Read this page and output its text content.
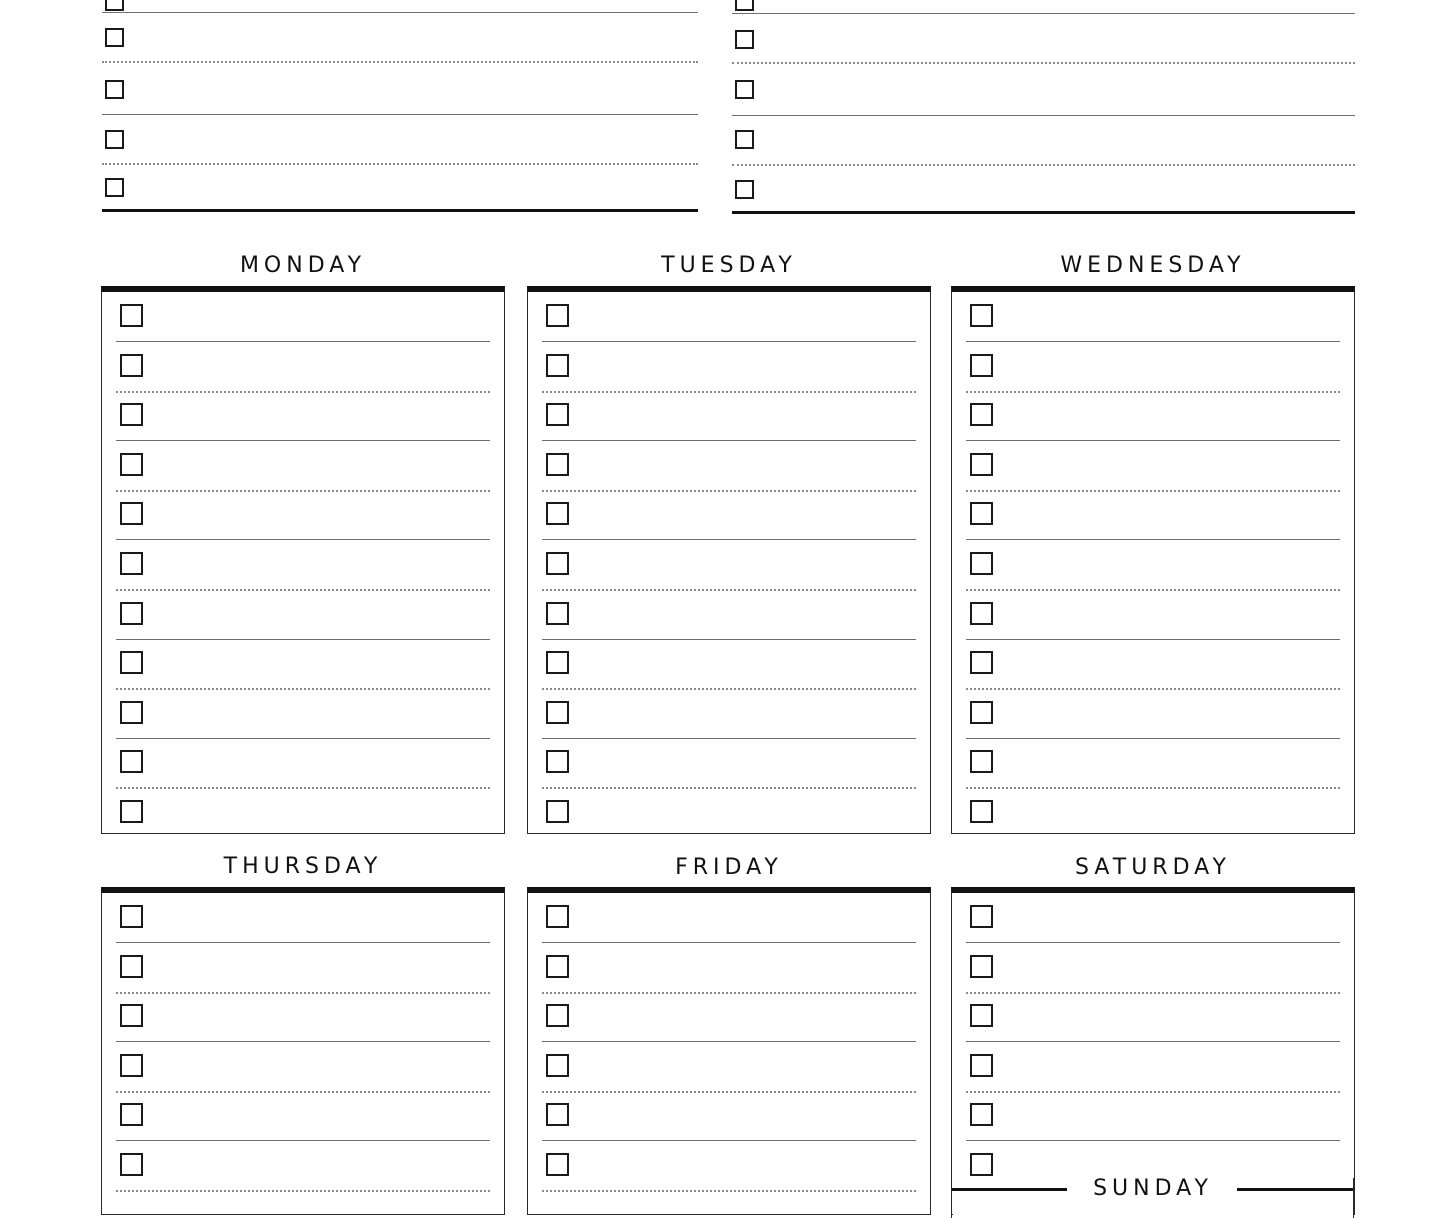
MONDAY	TUESDAY	WEDNESDAY
THURSDAY	FRIDAY	SATURDAY
SUNDAY
